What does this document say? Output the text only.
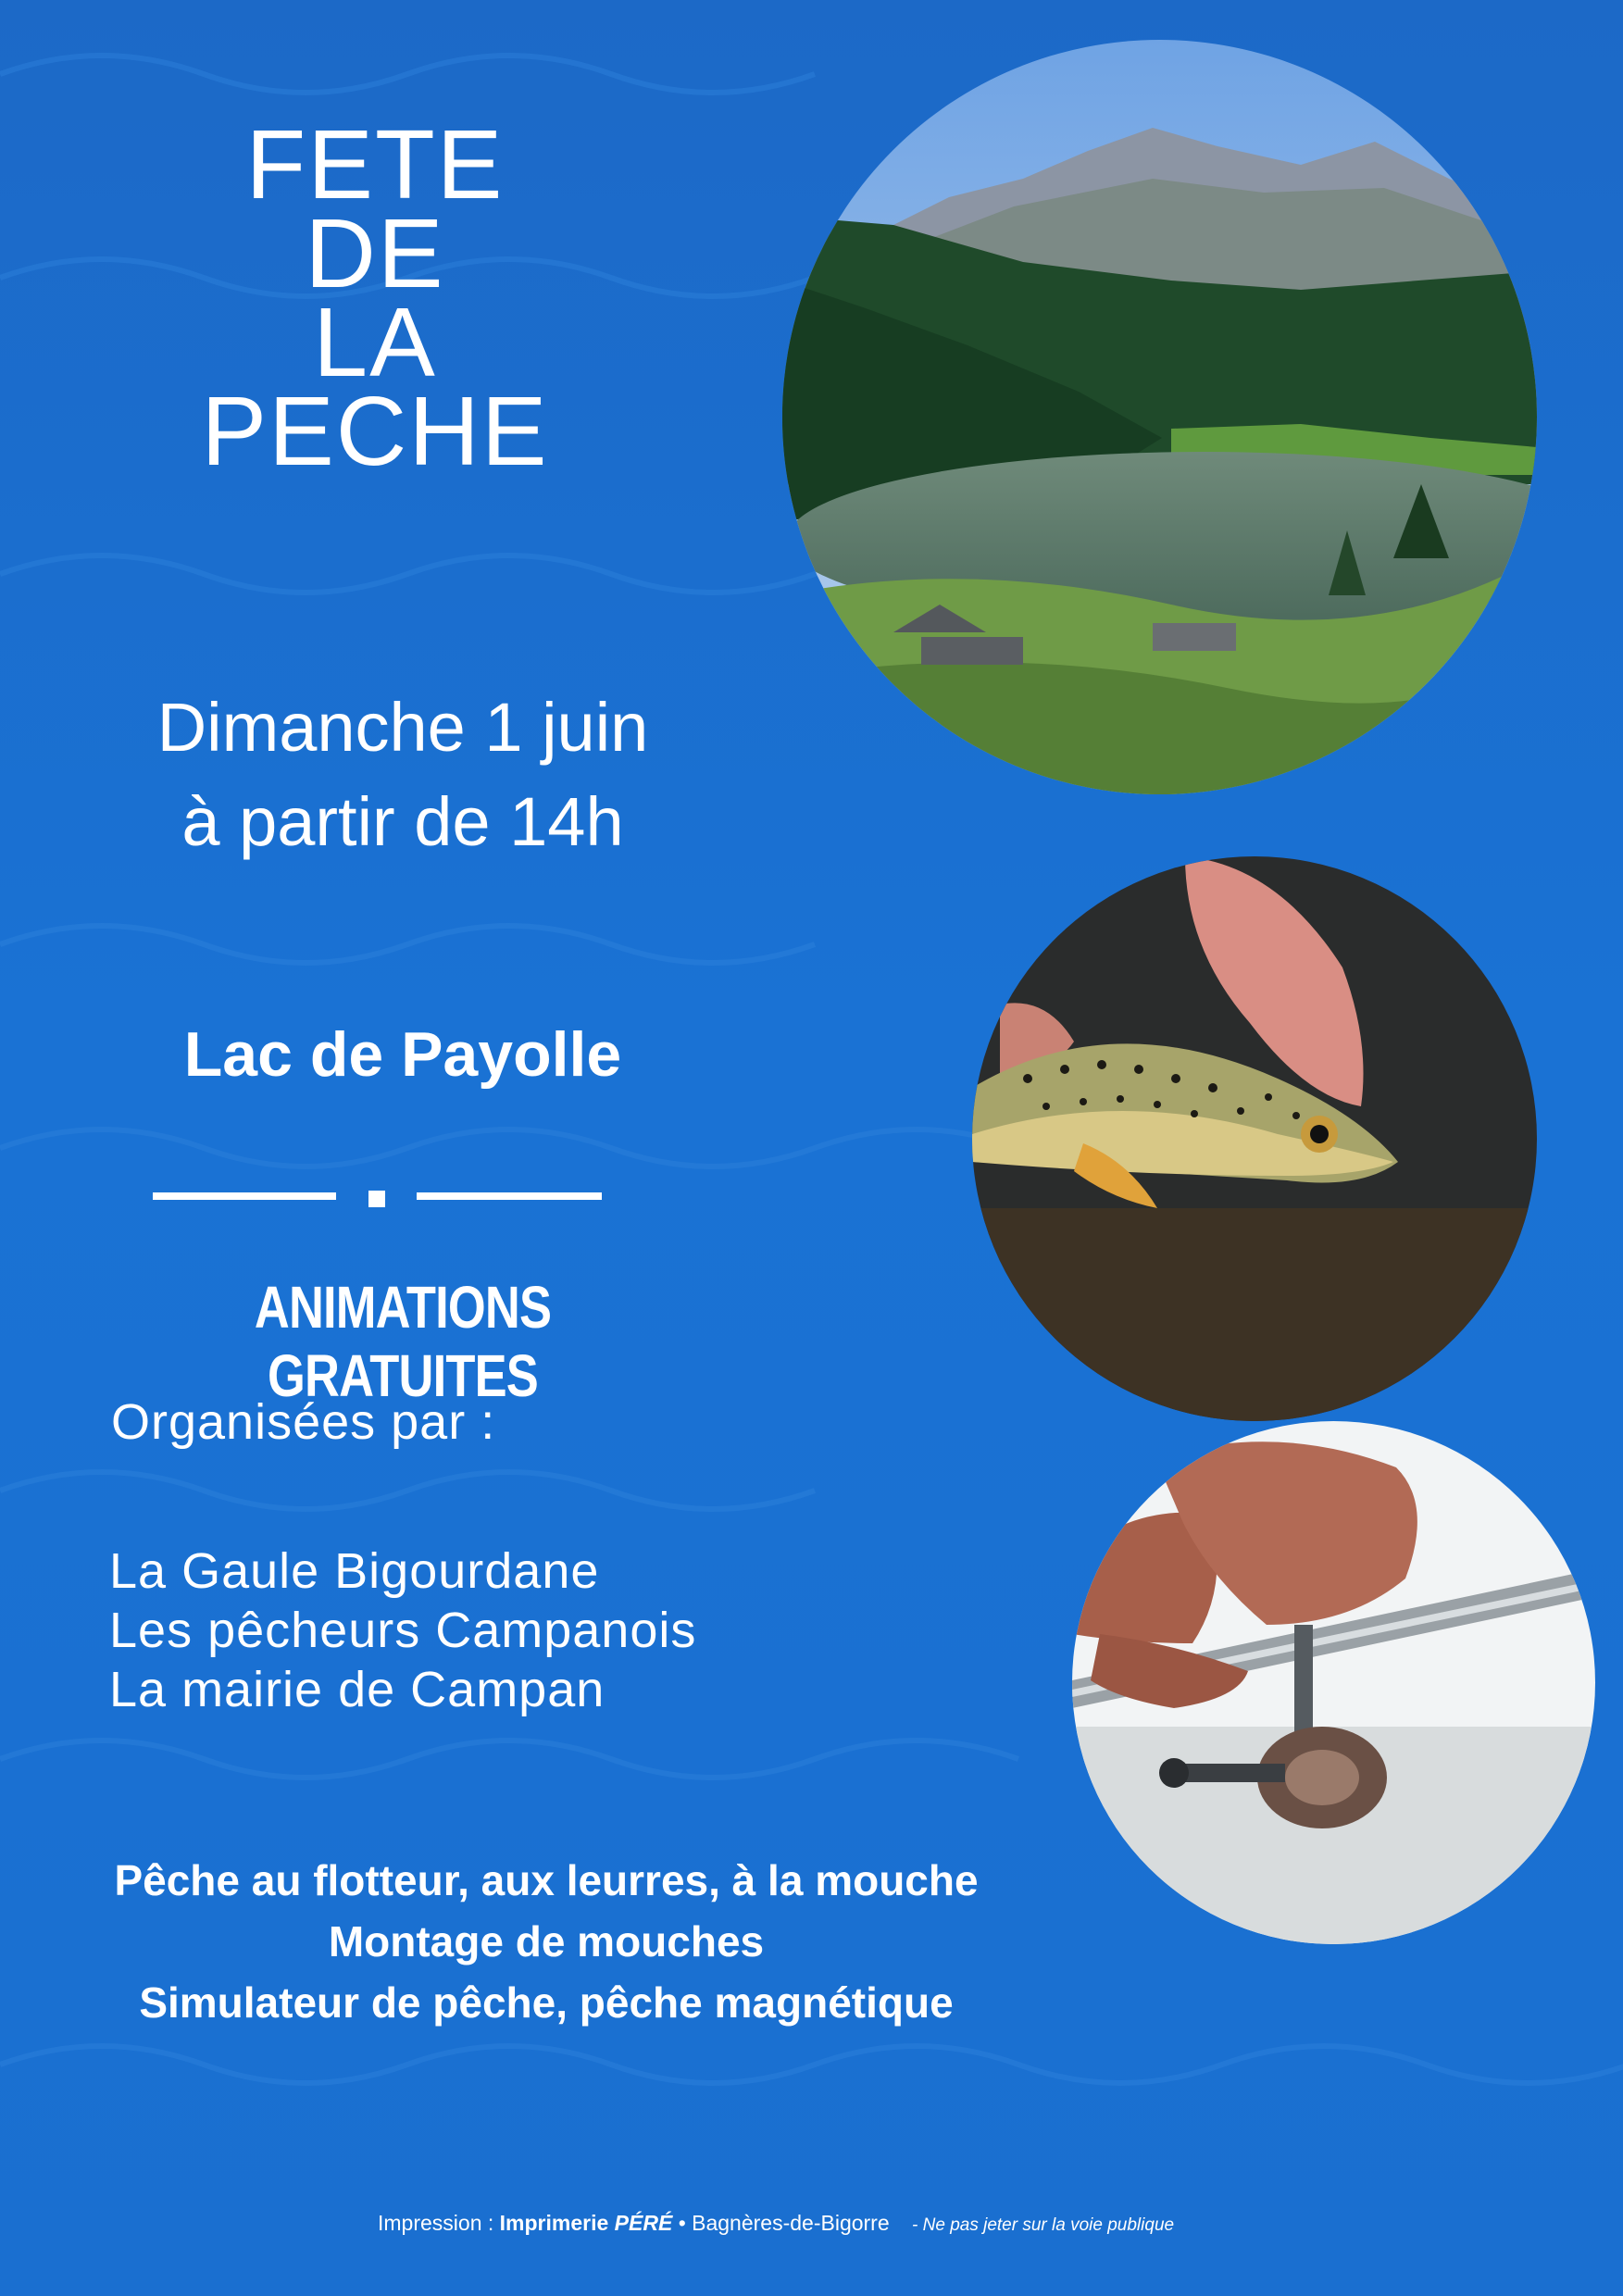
FETE
DE
LA
PECHE
Dimanche 1 juin
à partir de 14h
Lac de Payolle
ANIMATIONS GRATUITES
Organisées par :
La Gaule Bigourdane
Les pêcheurs Campanois
La mairie de Campan
Pêche au flotteur, aux leurres, à la mouche
Montage de mouches
Simulateur de pêche, pêche magnétique
Impression : Imprimerie PÉRÉ • Bagnères-de-Bigorre - Ne pas jeter sur la voie publique
